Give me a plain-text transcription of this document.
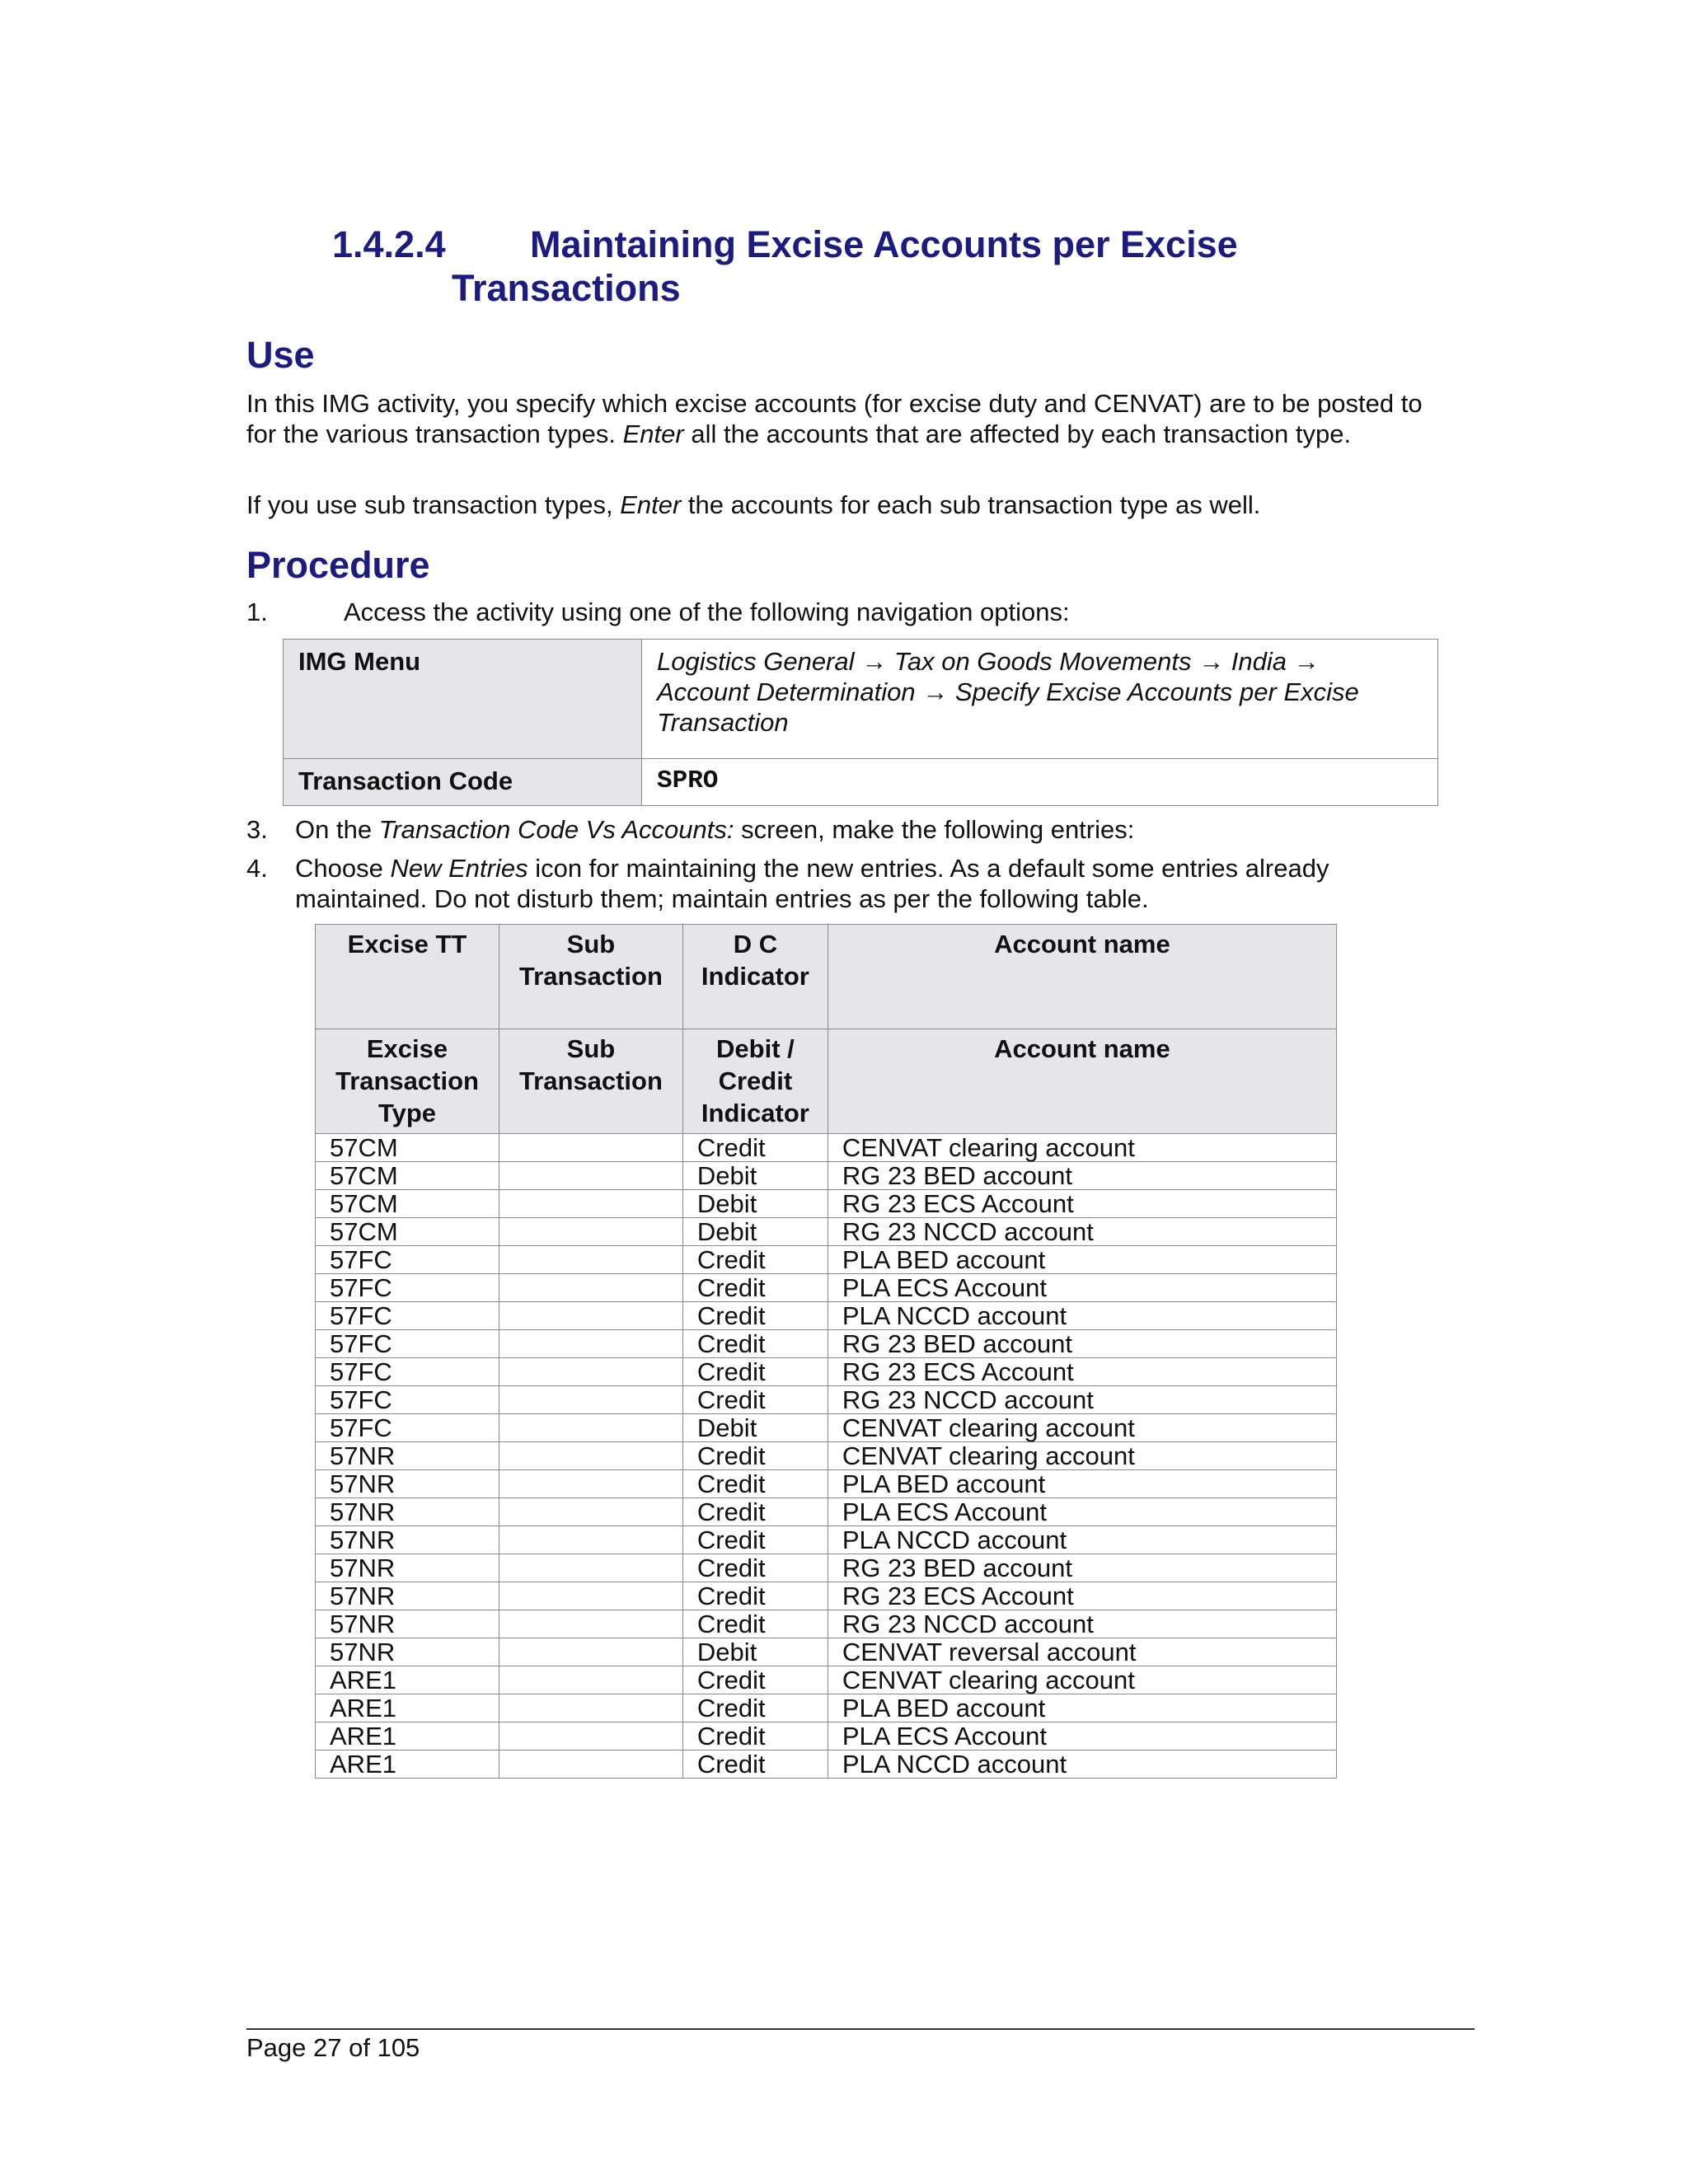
1.4.2.4 Maintaining Excise Accounts per Excise
Transactions
Use

In this IMG activity, you specify which excise accounts (for excise duty and CENVAT) are to be posted to for the various transaction types. Enter all the accounts that are affected by each transaction type.

If you use sub transaction types, Enter the accounts for each sub transaction type as well.

Procedure

1.	Access the activity using one of the following navigation options:

IMG Menu	Logistics General → Tax on Goods Movements → India →
Account Determination → Specify Excise Accounts per Excise Transaction
Transaction Code	SPRO

3.	On the Transaction Code Vs Accounts: screen, make the following entries:

4.	Choose New Entries icon for maintaining the new entries. As a default some entries already maintained. Do not disturb them; maintain entries as per the following table.

Excise TT	Sub Transaction	D C Indicator	Account name
Excise Transaction Type	Sub Transaction	Debit / Credit Indicator	Account name
57CM		Credit	CENVAT clearing account
57CM		Debit	RG 23 BED account
57CM		Debit	RG 23 ECS Account
57CM		Debit	RG 23 NCCD account
57FC		Credit	PLA BED account
57FC		Credit	PLA ECS Account
57FC		Credit	PLA NCCD account
57FC		Credit	RG 23 BED account
57FC		Credit	RG 23 ECS Account
57FC		Credit	RG 23 NCCD account
57FC		Debit	CENVAT clearing account
57NR		Credit	CENVAT clearing account
57NR		Credit	PLA BED account
57NR		Credit	PLA ECS Account
57NR		Credit	PLA NCCD account
57NR		Credit	RG 23 BED account
57NR		Credit	RG 23 ECS Account
57NR		Credit	RG 23 NCCD account
57NR		Debit	CENVAT reversal account
ARE1		Credit	CENVAT clearing account
ARE1		Credit	PLA BED account
ARE1		Credit	PLA ECS Account
ARE1		Credit	PLA NCCD account
Page 27 of 105
